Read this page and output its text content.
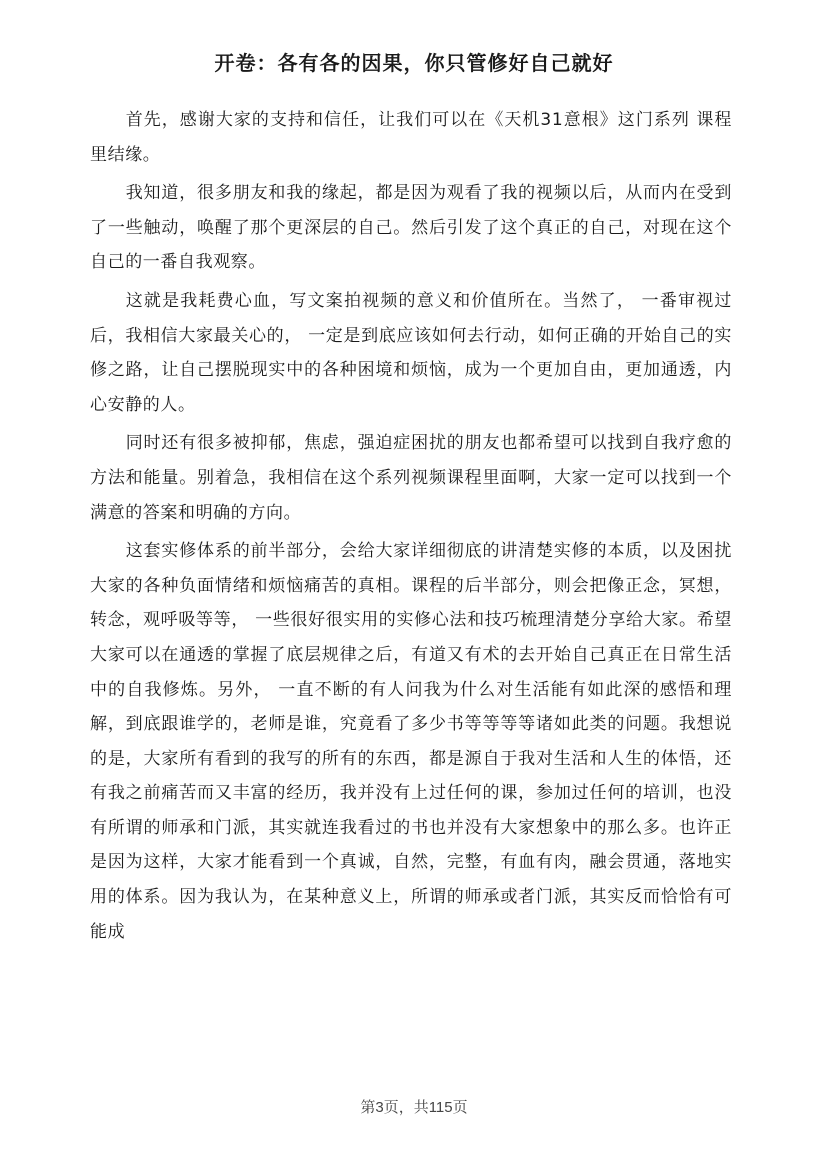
开卷：各有各的因果，你只管修好自己就好

首先，感谢大家的支持和信任，让我们可以在《天机31意根》这门系列 课程里结缘。

我知道，很多朋友和我的缘起，都是因为观看了我的视频以后，从而内在受到了一些触动，唤醒了那个更深层的自己。然后引发了这个真正的自己，对现在这个自己的一番自我观察。

这就是我耗费心血，写文案拍视频的意义和价值所在。当然了， 一番审视过后，我相信大家最关心的， 一定是到底应该如何去行动，如何正确的开始自己的实修之路，让自己摆脱现实中的各种困境和烦恼，成为一个更加自由，更加通透，内心安静的人。

同时还有很多被抑郁，焦虑，强迫症困扰的朋友也都希望可以找到自我疗愈的方法和能量。别着急，我相信在这个系列视频课程里面啊，大家一定可以找到一个满意的答案和明确的方向。

这套实修体系的前半部分，会给大家详细彻底的讲清楚实修的本质，以及困扰大家的各种负面情绪和烦恼痛苦的真相。课程的后半部分，则会把像正念，冥想，转念，观呼吸等等， 一些很好很实用的实修心法和技巧梳理清楚分享给大家。希望大家可以在通透的掌握了底层规律之后，有道又有术的去开始自己真正在日常生活中的自我修炼。另外， 一直不断的有人问我为什么对生活能有如此深的感悟和理解，到底跟谁学的，老师是谁，究竟看了多少书等等等等诸如此类的问题。我想说的是，大家所有看到的我写的所有的东西，都是源自于我对生活和人生的体悟，还有我之前痛苦而又丰富的经历，我并没有上过任何的课，参加过任何的培训，也没有所谓的师承和门派，其实就连我看过的书也并没有大家想象中的那么多。也许正是因为这样，大家才能看到一个真诚，自然，完整，有血有肉，融会贯通，落地实用的体系。因为我认为，在某种意义上，所谓的师承或者门派，其实反而恰恰有可能成

第3页，共115页
